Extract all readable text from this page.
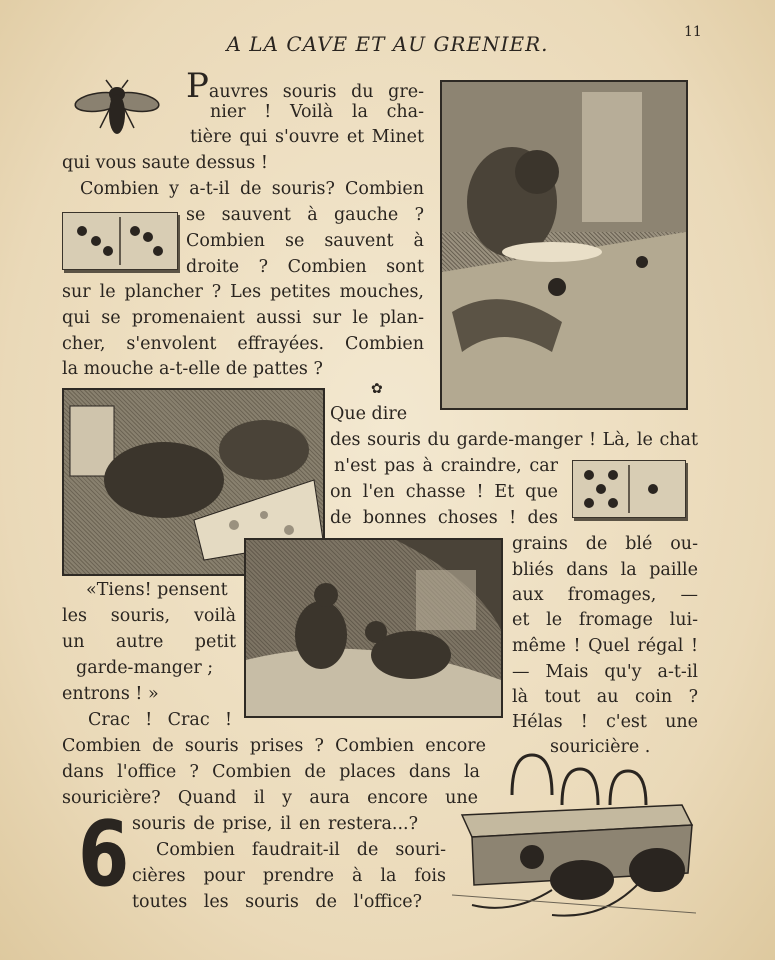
A LA CAVE ET AU GRENIER.	11
Pauvres souris du gre-
nier ! Voilà la cha-
tière qui s'ouvre et Minet
qui vous saute dessus !
Combien y a-t-il de souris? Combien
se sauvent à gauche ?
Combien se sauvent à
droite ? Combien sont
sur le plancher ? Les petites mouches,
qui se promenaient aussi sur le plan-
cher, s'envolent effrayées. Combien
la mouche a-t-elle de pattes ?
✿
Que dire
des souris du garde-manger ! Là, le chat
n'est pas à craindre, car
on l'en chasse ! Et que
de bonnes choses ! des
grains de blé ou-
bliés dans la paille
aux fromages, —
et le fromage lui-
même ! Quel régal !
— Mais qu'y a-t-il
là tout au coin ?
Hélas ! c'est une
souricière .
«Tiens! pensent
les souris, voilà
un autre petit
garde-manger ;
entrons ! »
Crac ! Crac !
Combien de souris prises ? Combien encore
dans l'office ? Combien de places dans la
souricière? Quand il y aura encore une
souris de prise, il en restera...?
Combien faudrait-il de souri-
cières pour prendre à la fois
toutes les souris de l'office?
6
